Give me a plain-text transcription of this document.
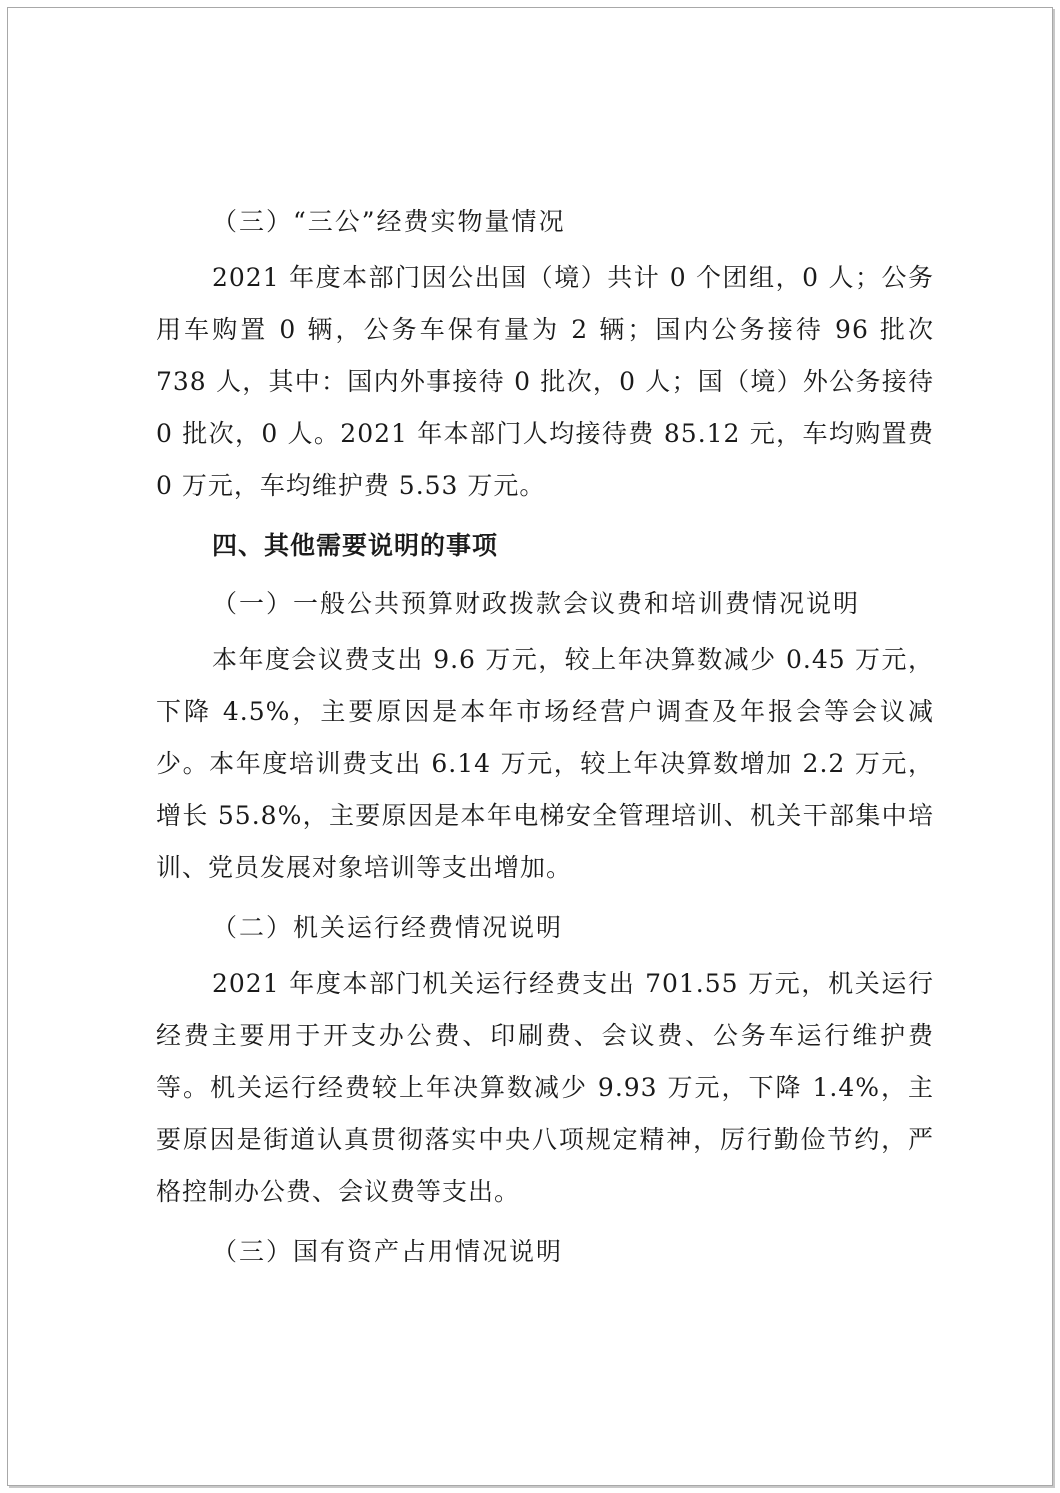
（三）“三公”经费实物量情况

2021 年度本部门因公出国（境）共计 0 个团组，0 人；公务用车购置 0 辆，公务车保有量为 2 辆；国内公务接待 96 批次 738 人，其中：国内外事接待 0 批次，0 人；国（境）外公务接待 0 批次，0 人。2021 年本部门人均接待费 85.12 元，车均购置费 0 万元，车均维护费 5.53 万元。

四、其他需要说明的事项

（一）一般公共预算财政拨款会议费和培训费情况说明

本年度会议费支出 9.6 万元，较上年决算数减少 0.45 万元，下降 4.5%，主要原因是本年市场经营户调查及年报会等会议减少。本年度培训费支出 6.14 万元，较上年决算数增加 2.2 万元，增长 55.8%，主要原因是本年电梯安全管理培训、机关干部集中培训、党员发展对象培训等支出增加。

（二）机关运行经费情况说明

2021 年度本部门机关运行经费支出 701.55 万元，机关运行经费主要用于开支办公费、印刷费、会议费、公务车运行维护费等。机关运行经费较上年决算数减少 9.93 万元，下降 1.4%，主要原因是街道认真贯彻落实中央八项规定精神，厉行勤俭节约，严格控制办公费、会议费等支出。

（三）国有资产占用情况说明
